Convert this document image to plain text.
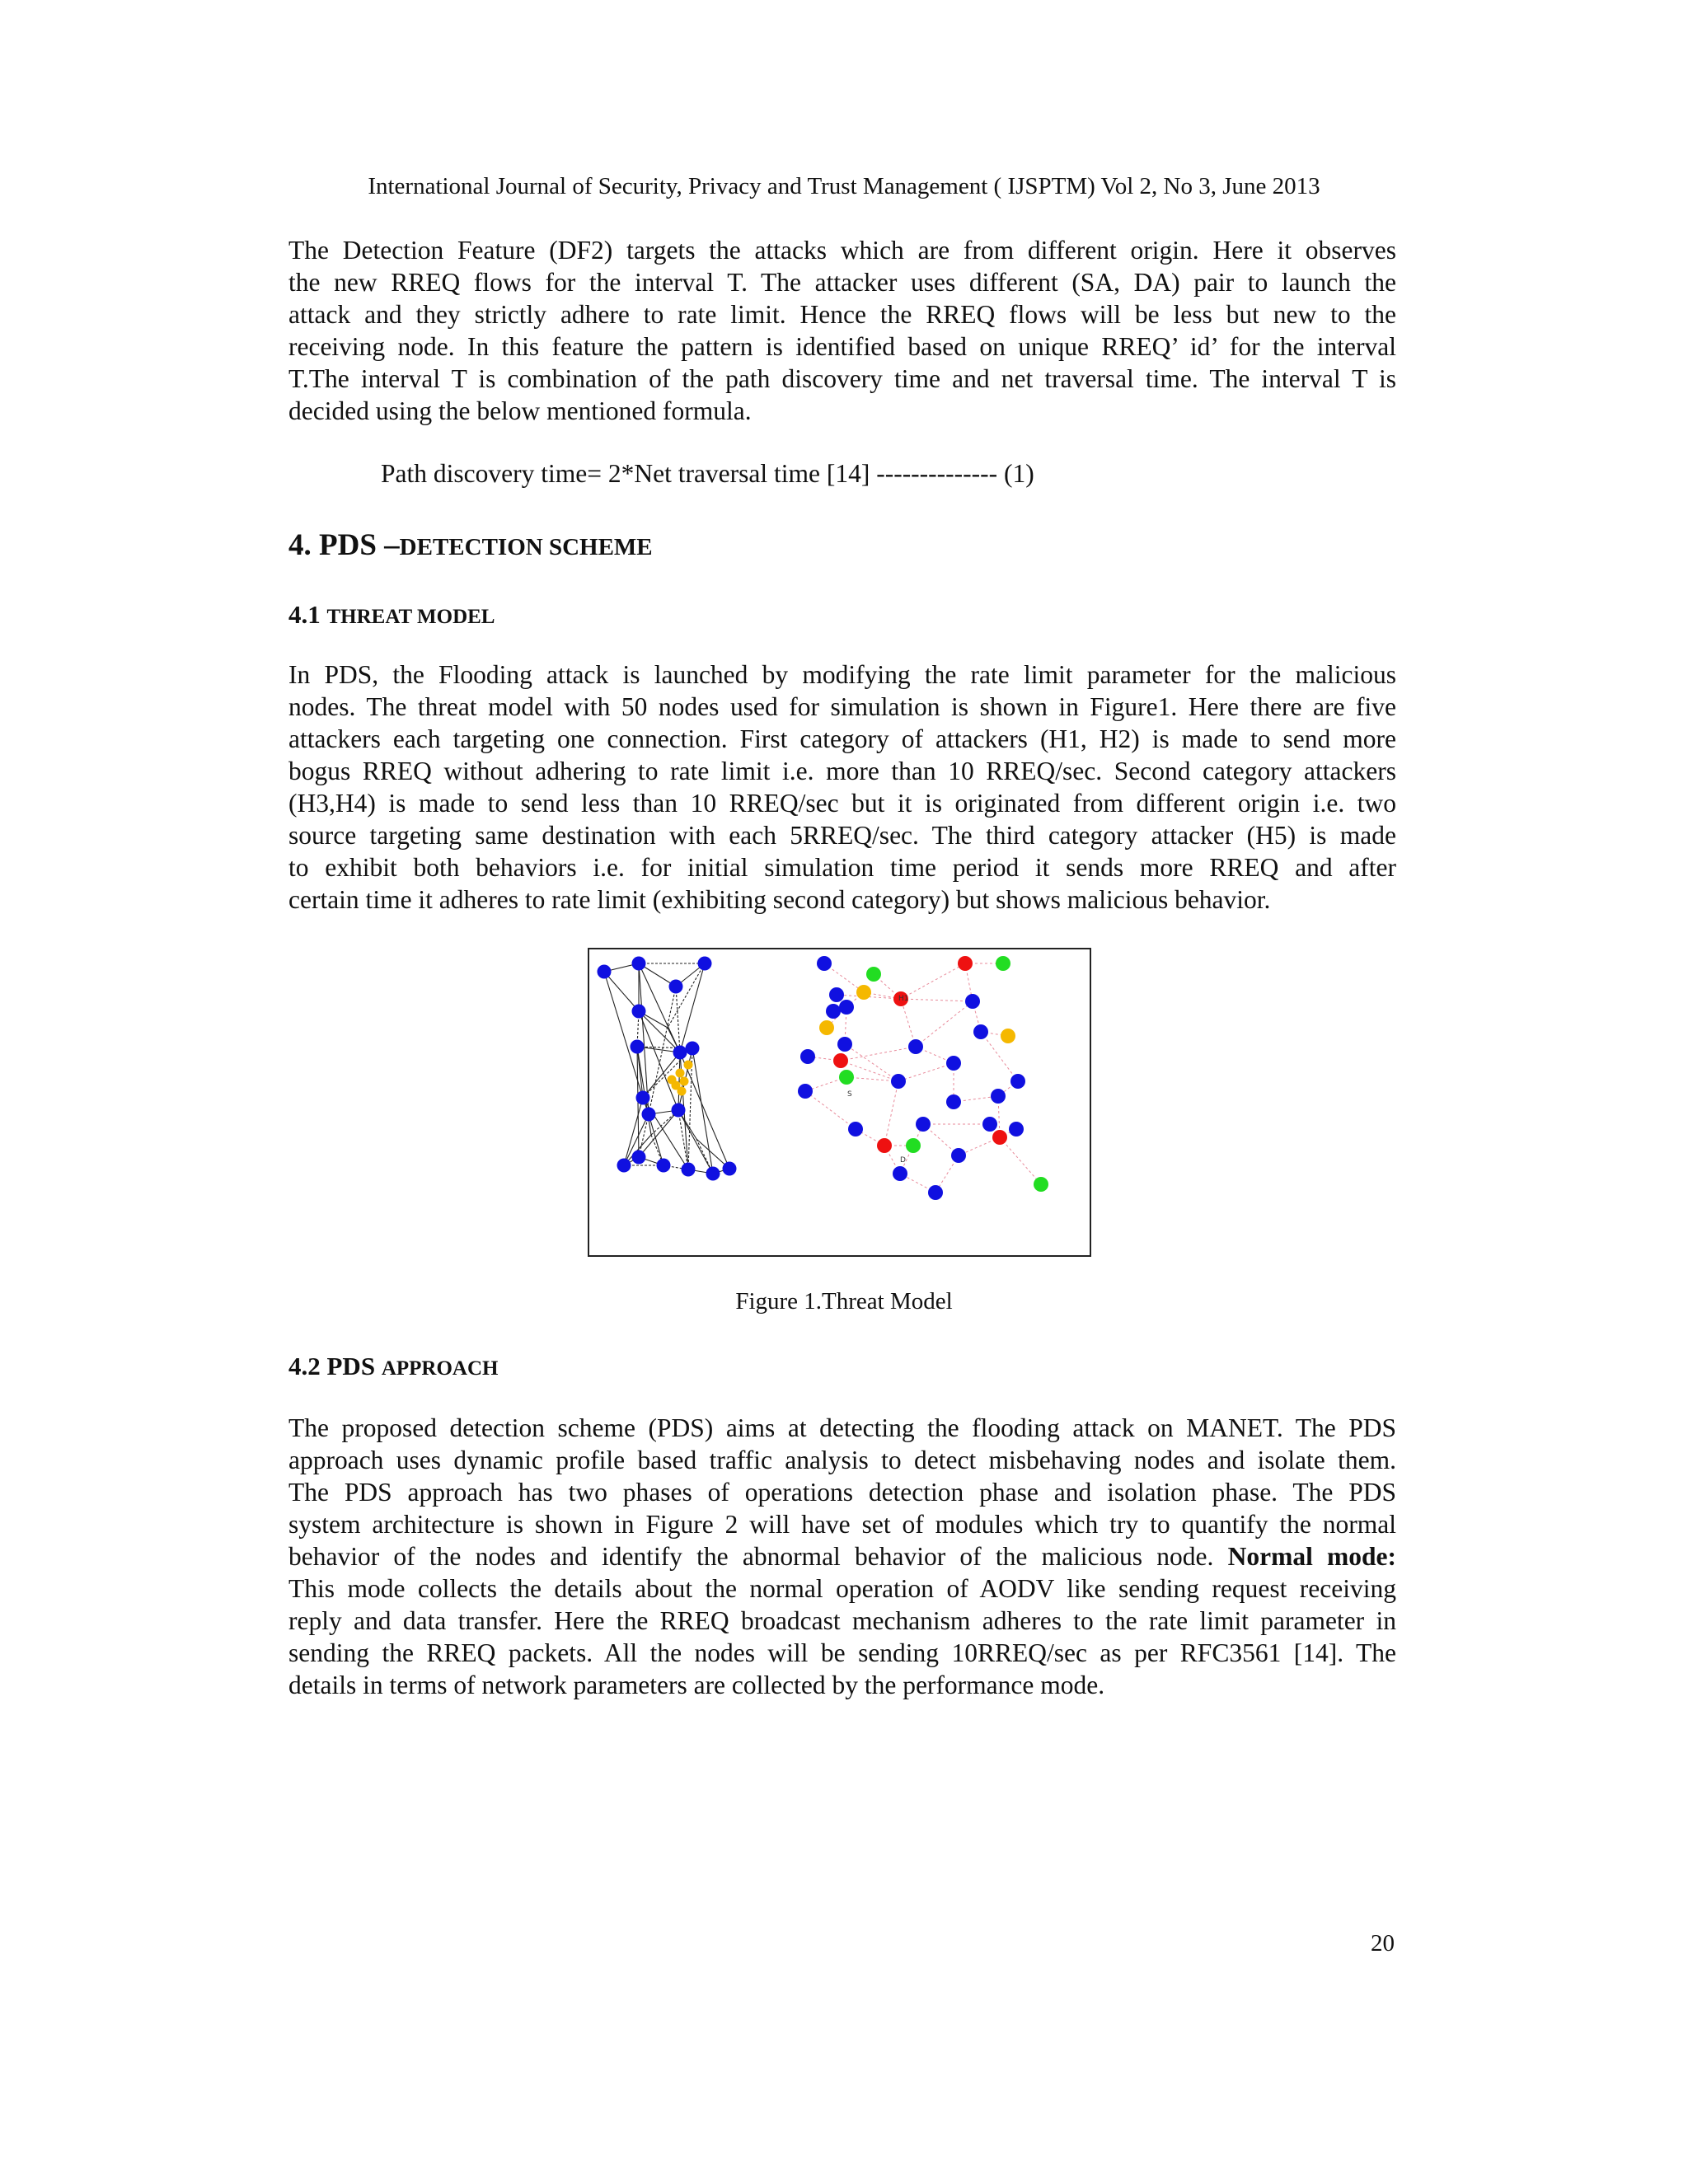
International Journal of Security, Privacy and Trust Management ( IJSPTM) Vol 2, No 3, June 2013
The Detection Feature (DF2) targets the attacks which are from different origin. Here it observes
the new RREQ flows for the interval T. The attacker uses different (SA, DA) pair to launch the
attack and they strictly adhere to rate limit. Hence the RREQ flows will be less but new to the
receiving node. In this feature the pattern is identified based on unique RREQ’ id’ for the interval
T.The interval T is combination of the path discovery time and net traversal time. The interval T is
decided using the below mentioned formula.
Path discovery time= 2*Net traversal time [14] -------------- (1)
4. PDS –DETECTION SCHEME
4.1 THREAT MODEL
In PDS, the Flooding attack is launched by modifying the rate limit parameter for the malicious
nodes. The threat model with 50 nodes used for simulation is shown in Figure1. Here there are five
attackers each targeting one connection. First category of attackers (H1, H2) is made to send more
bogus RREQ without adhering to rate limit i.e. more than 10 RREQ/sec. Second category attackers
(H3,H4) is made to send less than 10 RREQ/sec but it is originated from different origin i.e. two
source targeting same destination with each 5RREQ/sec. The third category attacker (H5) is made
to exhibit both behaviors i.e. for initial simulation time period it sends more RREQ and after
certain time it adheres to rate limit (exhibiting second category) but shows malicious behavior.
H1
S
D
Figure 1.Threat Model
4.2 PDS APPROACH
The proposed detection scheme (PDS) aims at detecting the flooding attack on MANET. The PDS
approach uses dynamic profile based traffic analysis to detect misbehaving nodes and isolate them.
The PDS approach has two phases of operations detection phase and isolation phase. The PDS
system architecture is shown in Figure 2 will have set of modules which try to quantify the normal
behavior of the nodes and identify the abnormal behavior of the malicious node. Normal mode:
This mode collects the details about the normal operation of AODV like sending request receiving
reply and data transfer. Here the RREQ broadcast mechanism adheres to the rate limit parameter in
sending the RREQ packets. All the nodes will be sending 10RREQ/sec as per RFC3561 [14]. The
details in terms of network parameters are collected by the performance mode.
20
